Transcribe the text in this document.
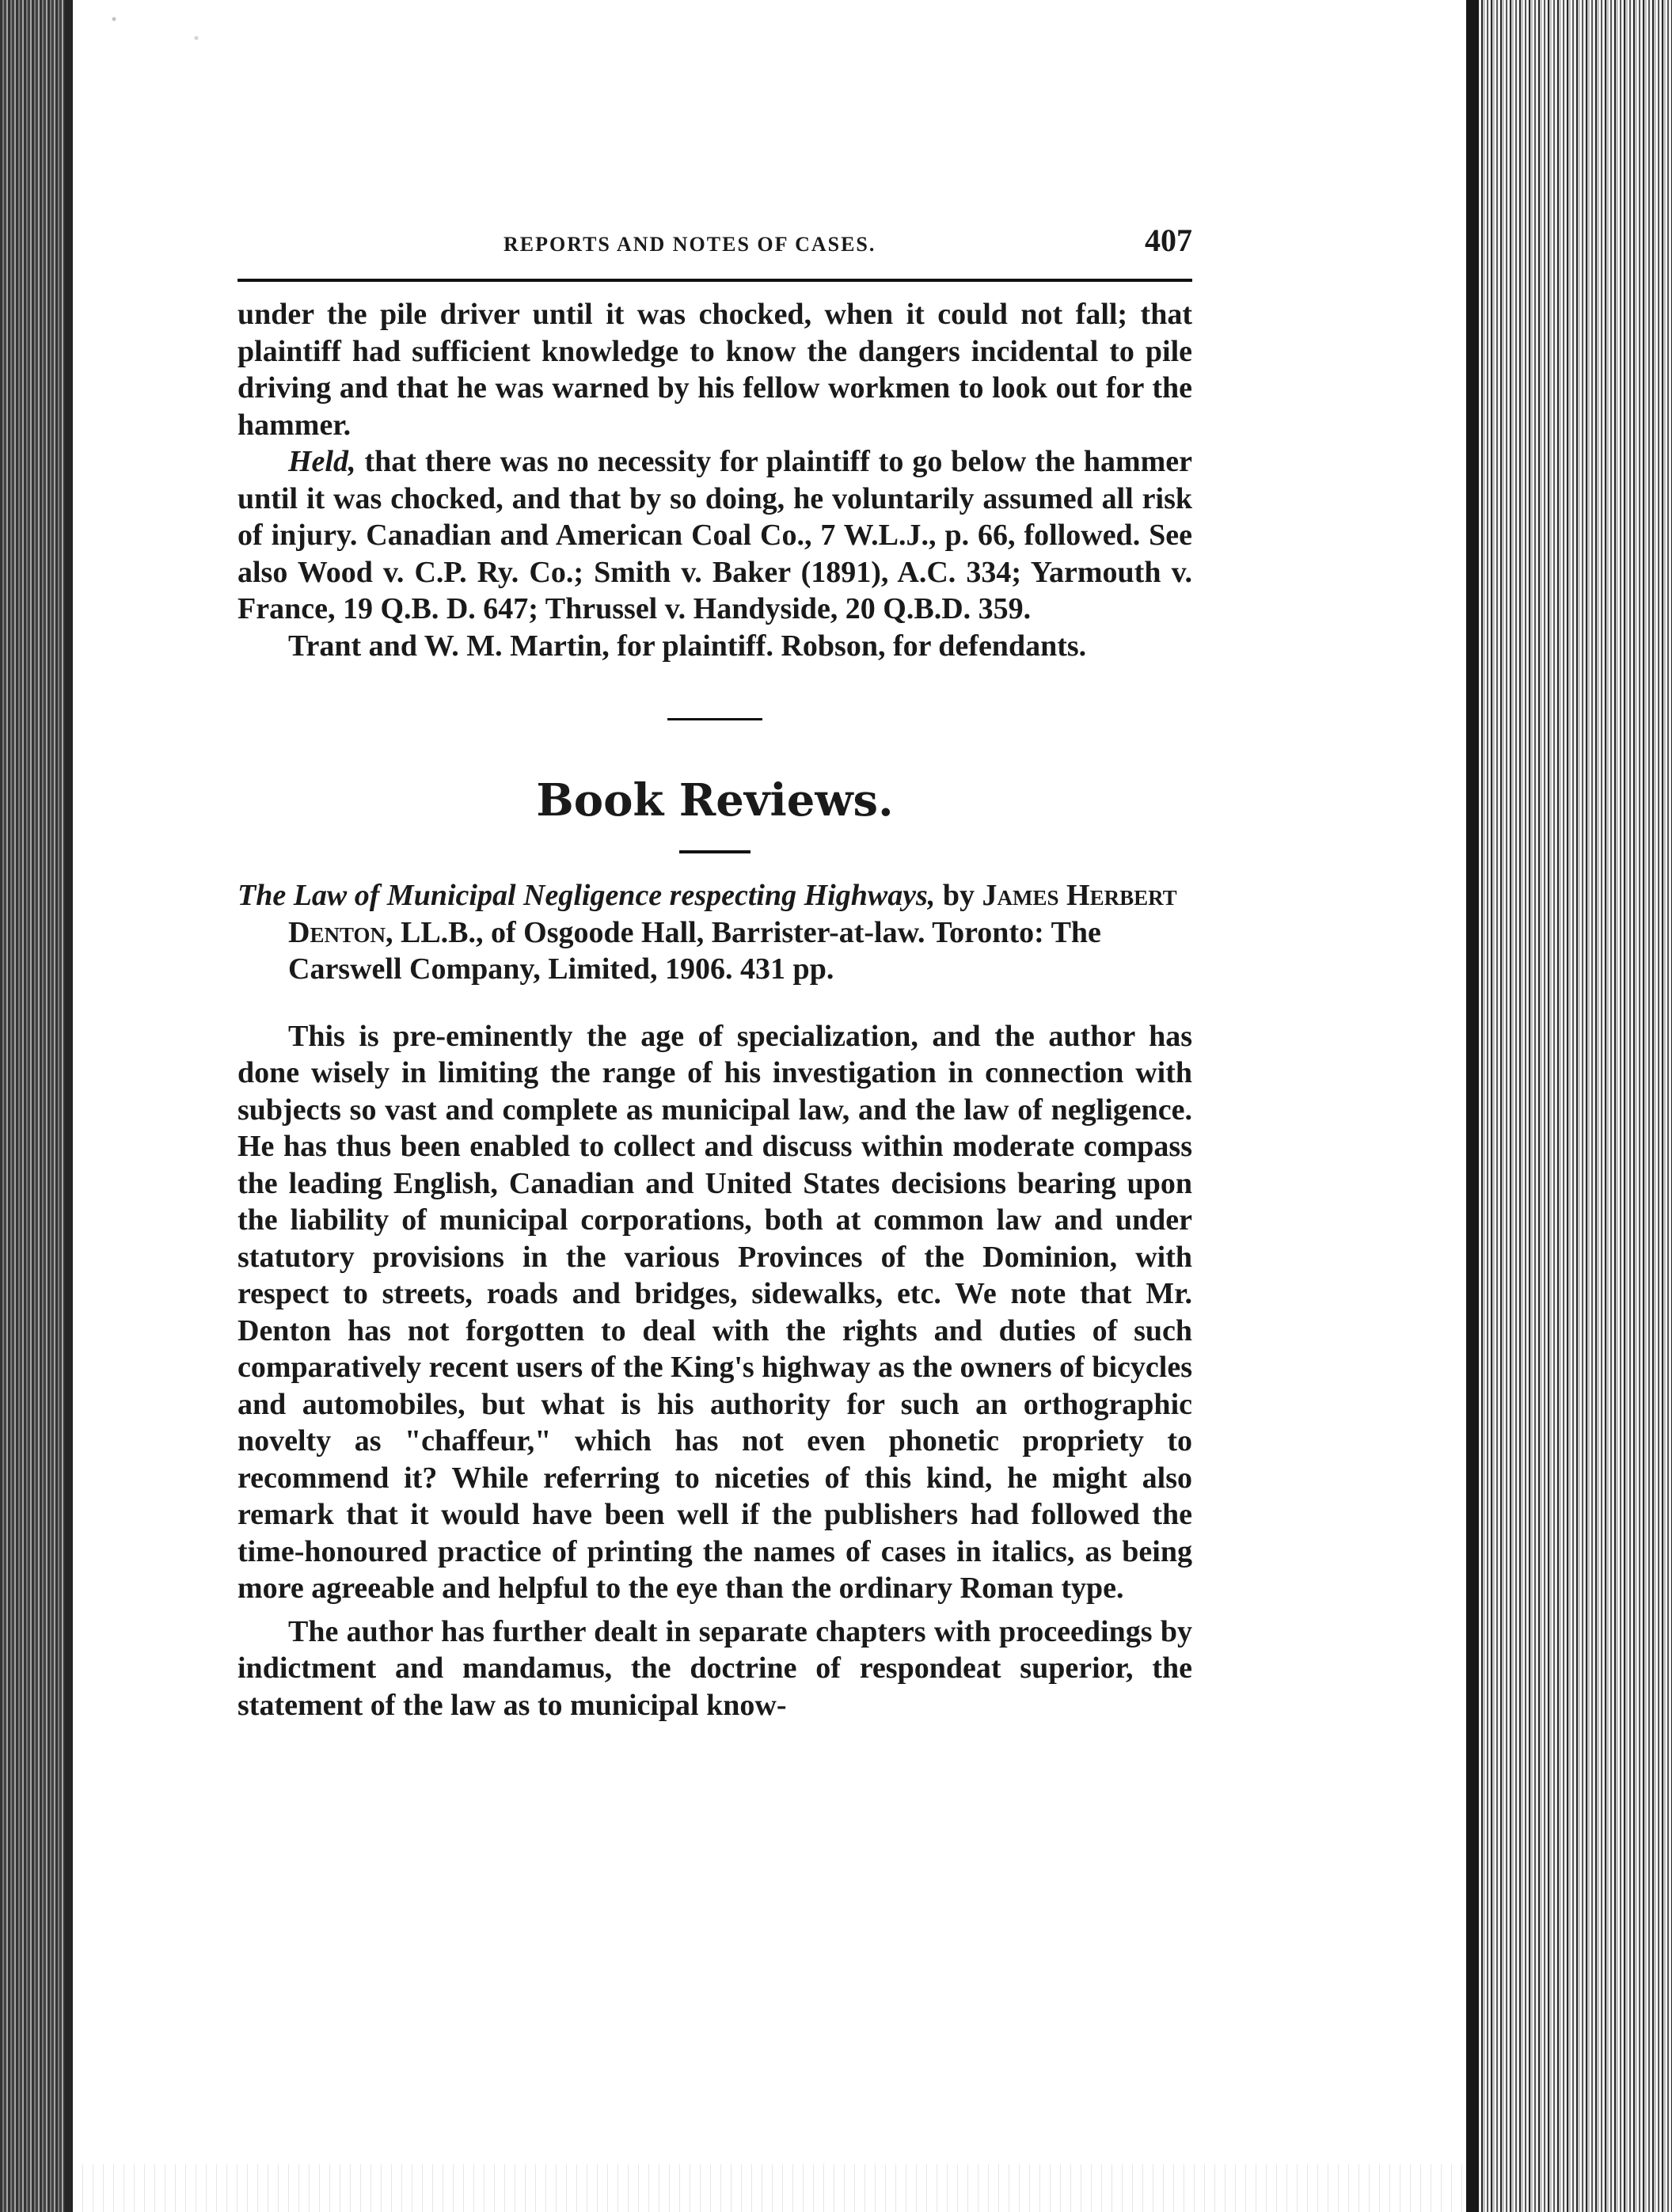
REPORTS AND NOTES OF CASES.	407

under the pile driver until it was chocked, when it could not fall; that plaintiff had sufficient knowledge to know the dangers incidental to pile driving and that he was warned by his fellow workmen to look out for the hammer.

Held, that there was no necessity for plaintiff to go below the hammer until it was chocked, and that by so doing, he voluntarily assumed all risk of injury. Canadian and American Coal Co., 7 W.L.J., p. 66, followed. See also Wood v. C.P. Ry. Co.; Smith v. Baker (1891), A.C. 334; Yarmouth v. France, 19 Q.B. D. 647; Thrussel v. Handyside, 20 Q.B.D. 359.

Trant and W. M. Martin, for plaintiff. Robson, for defendants.

Book Reviews.
The Law of Municipal Negligence respecting Highways, by James Herbert Denton, LL.B., of Osgoode Hall, Barrister-at-law. Toronto: The Carswell Company, Limited, 1906. 431 pp.

This is pre-eminently the age of specialization, and the author has done wisely in limiting the range of his investigation in connection with subjects so vast and complete as municipal law, and the law of negligence. He has thus been enabled to collect and discuss within moderate compass the leading English, Canadian and United States decisions bearing upon the liability of municipal corporations, both at common law and under statutory provisions in the various Provinces of the Dominion, with respect to streets, roads and bridges, sidewalks, etc. We note that Mr. Denton has not forgotten to deal with the rights and duties of such comparatively recent users of the King's highway as the owners of bicycles and automobiles, but what is his authority for such an orthographic novelty as "chaffeur," which has not even phonetic propriety to recommend it? While referring to niceties of this kind, he might also remark that it would have been well if the publishers had followed the time-honoured practice of printing the names of cases in italics, as being more agreeable and helpful to the eye than the ordinary Roman type.

The author has further dealt in separate chapters with proceedings by indictment and mandamus, the doctrine of respondeat superior, the statement of the law as to municipal know-
